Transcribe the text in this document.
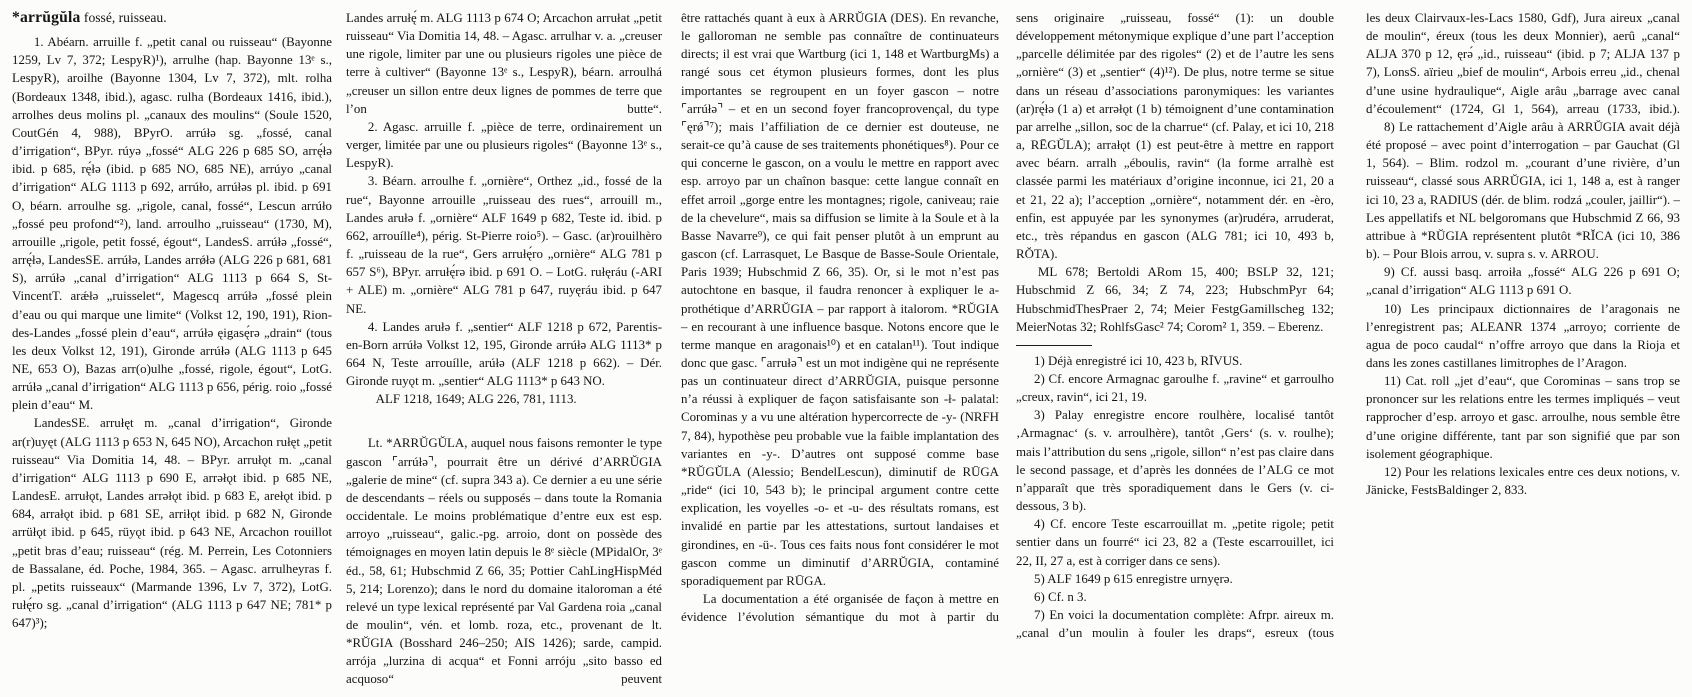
*arrŭgŭla fossé, ruisseau.

1. Abéarn. arruille f. „petit canal ou ruisseau“ (Bayonne 1259, Lv 7, 372; LespyR)¹), arrulhe (hap. Bayonne 13ᵉ s., LespyR), aroilhe (Bayonne 1304, Lv 7, 372), mlt. rolha (Bordeaux 1348, ibid.), agasc. rulha (Bordeaux 1416, ibid.), arrolhes deus molins pl. „canaux des moulins“ (Soule 1520, CoutGén 4, 988), BPyrO. arrúłə sg. „fossé, canal d’irrigation“, BPyr. rúyə „fossé“ ALG 226 p 685 SO, arrę́łə ibid. p 685, rę́łə (ibid. p 685 NO, 685 NE), arrúyo „canal d’irrigation“ ALG 1113 p 692, arrúło, arrúłəs pl. ibid. p 691 O, béarn. arroulhe sg. „rigole, canal, fossé“, Lescun arrúło „fossé peu profond“²), land. arroulho „ruisseau“ (1730, M), arrouille „rigole, petit fossé, égout“, LandesS. arrúłə „fossé“, arrę́łə, LandesSE. arrúłə, Landes arrǿłə (ALG 226 p 681, 681 S), arrúłə „canal d’irrigation“ ALG 1113 p 664 S, St-VincentT. arǽłə „ruisselet“, Magescq arrúłə „fossé plein d’eau ou qui marque une limite“ (Volkst 12, 190, 191), Rion-des-Landes „fossé plein d’eau“, arrúłə ęigasę́rə „drain“ (tous les deux Volkst 12, 191), Gironde arrúłə (ALG 1113 p 645 NE, 653 O), Bazas arr(o)ulhe „fossé, rigole, égout“, LotG. arrúłə „canal d’irrigation“ ALG 1113 p 656, périg. roio „fossé plein d’eau“ M.

LandesSE. arrułęt m. „canal d’irrigation“, Gironde ar(r)uyęt (ALG 1113 p 653 N, 645 NO), Arcachon rułęt „petit ruisseau“ Via Domitia 14, 48. – BPyr. arrułǫt m. „canal d’irrigation“ ALG 1113 p 690 E, arrəłǫt ibid. p 685 NE, LandesE. arrułǫt, Landes arrəłǫt ibid. p 683 E, arełǫt ibid. p 684, arrałǫt ibid. p 681 SE, arriłǫt ibid. p 682 N, Gironde arrüłǫt ibid. p 645, rüyǫt ibid. p 643 NE, Arcachon rouillot „petit bras d’eau; ruisseau“ (rég. M. Perrein, Les Cotonniers de Bassalane, éd. Poche, 1984, 365. – Agasc. arrulheyras f. pl. „petits ruisseaux“ (Marmande 1396, Lv 7, 372), LotG. rułę́ro sg. „canal d’irrigation“ (ALG 1113 p 647 NE; 781* p 647)³);

Landes arrułę́ m. ALG 1113 p 674 O; Arcachon arrułat „petit ruisseau“ Via Domitia 14, 48. – Agasc. arrulhar v. a. „creuser une rigole, limiter par une ou plusieurs rigoles une pièce de terre à cultiver“ (Bayonne 13ᵉ s., LespyR), béarn. arroulhá „creuser un sillon entre deux lignes de pommes de terre que l’on butte“.

2. Agasc. arruille f. „pièce de terre, ordinairement un verger, limitée par une ou plusieurs rigoles“ (Bayonne 13ᵉ s., LespyR).

3. Béarn. arroulhe f. „ornière“, Orthez „id., fossé de la rue“, Bayonne arrouille „ruisseau des rues“, arrouill m., Landes arułə f. „ornière“ ALF 1649 p 682, Teste id. ibid. p 662, arrouílle⁴), périg. St-Pierre roio⁵). – Gasc. (ar)rouilhèro f. „ruisseau de la rue“, Gers arrułę́ro „ornière“ ALG 781 p 657 S⁶), BPyr. arrułę́rə ibid. p 691 O. – LotG. rułęráu (-ARI + ALE) m. „ornière“ ALG 781 p 647, ruyęráu ibid. p 647 NE.

4. Landes arułə f. „sentier“ ALF 1218 p 672, Parentis-en-Born arrúłə Volkst 12, 195, Gironde arrúłə ALG 1113* p 664 N, Teste arrouílle, arúłə (ALF 1218 p 662). – Dér. Gironde ruyǫt m. „sentier“ ALG 1113* p 643 NO.

ALF 1218, 1649; ALG 226, 781, 1113.

Lt. *ARRŬGŬLA, auquel nous faisons remonter le type gascon ⌜arrúłə⌝, pourrait être un dérivé d’ARRŬGIA „galerie de mine“ (cf. supra 343 a). Ce dernier a eu une série de descendants – réels ou supposés – dans toute la Romania occidentale. Le moins problématique d’entre eux est esp. arroyo „ruisseau“, galic.-pg. arroio, dont on possède des témoignages en moyen latin depuis le 8ᵉ siècle (MPidalOr, 3ᵉ éd., 58, 61; Hubschmid Z 66, 35; Pottier CahLingHispMéd 5, 214; Lorenzo); dans le nord du domaine italoroman a été relevé un type lexical représenté par Val Gardena roia „canal de moulin“, vén. et lomb. roza, etc., provenant de lt. *RŬGIA (Bosshard 246–250; AIS 1426); sarde, campid. arrója „lurzina di acqua“ et Fonni arróju „sito basso ed acquoso“ peuvent

être rattachés quant à eux à ARRŬGIA (DES). En revanche, le galloroman ne semble pas connaître de continuateurs directs; il est vrai que Wartburg (ici 1, 148 et WartburgMs) a rangé sous cet étymon plusieurs formes, dont les plus importantes se regroupent en un foyer gascon – notre ⌜arrúłə⌝ – et en un second foyer francoprovençal, du type ⌜ęrǿ⌝⁷); mais l’affiliation de ce dernier est douteuse, ne serait-ce qu’à cause de ses traitements phonétiques⁸). Pour ce qui concerne le gascon, on a voulu le mettre en rapport avec esp. arroyo par un chaînon basque: cette langue connaît en effet arroil „gorge entre les montagnes; rigole, caniveau; raie de la chevelure“, mais sa diffusion se limite à la Soule et à la Basse Navarre⁹), ce qui fait penser plutôt à un emprunt au gascon (cf. Larrasquet, Le Basque de Basse-Soule Orientale, Paris 1939; Hubschmid Z 66, 35). Or, si le mot n’est pas autochtone en basque, il faudra renoncer à expliquer le a- prothétique d’ARRŬGIA – par rapport à italorom. *RŬGIA – en recourant à une influence basque. Notons encore que le terme manque en aragonais¹⁰) et en catalan¹¹). Tout indique donc que gasc. ⌜arrułə⌝ est un mot indigène qui ne représente pas un continuateur direct d’ARRŬGIA, puisque personne n’a réussi à expliquer de façon satisfaisante son -ł- palatal: Corominas y a vu une altération hypercorrecte de -y- (NRFH 7, 84), hypothèse peu probable vue la faible implantation des variantes en -y-. D’autres ont supposé comme base *RŬGŬLA (Alessio; BendelLescun), diminutif de RŪGA „ride“ (ici 10, 543 b); le principal argument contre cette explication, les voyelles -o- et -u- des résultats romans, est invalidé en partie par les attestations, surtout landaises et girondines, en -ü-. Tous ces faits nous font considérer le mot gascon comme un diminutif d’ARRŬGIA, contaminé sporadiquement par RŪGA.

La documentation a été organisée de façon à mettre en évidence l’évolution sémantique du mot à partir du

sens originaire „ruisseau, fossé“ (1): un double développement métonymique explique d’une part l’acception „parcelle délimitée par des rigoles“ (2) et de l’autre les sens „ornière“ (3) et „sentier“ (4)¹²). De plus, notre terme se situe dans un réseau d’associations paronymiques: les variantes (ar)rę́łə (1 a) et arrəłǫt (1 b) témoignent d’une contamination par arrelhe „sillon, soc de la charrue“ (cf. Palay, et ici 10, 218 a, RĒGŬLA); arrałǫt (1) est peut-être à mettre en rapport avec béarn. arralh „éboulis, ravin“ (la forme arralhè est classée parmi les matériaux d’origine inconnue, ici 21, 20 a et 21, 22 a); l’acception „ornière“, notamment dér. en -èro, enfin, est appuyée par les synonymes (ar)rudérə, arruderat, etc., très répandus en gascon (ALG 781; ici 10, 493 b, RŎTA).

ML 678; Bertoldi ARom 15, 400; BSLP 32, 121; Hubschmid Z 66, 34; Z 74, 223; HubschmPyr 64; HubschmidThesPraer 2, 74; Meier FestgGamillscheg 132; MeierNotas 32; RohlfsGasc² 74; Corom² 1, 359. – Eberenz.

1) Déjà enregistré ici 10, 423 b, RĪVUS.

2) Cf. encore Armagnac garoulhe f. „ravine“ et garroulho „creux, ravin“, ici 21, 19.

3) Palay enregistre encore roulhère, localisé tantôt ‚Armagnac‘ (s. v. arroulhère), tantôt ‚Gers‘ (s. v. roulhe); mais l’attribution du sens „rigole, sillon“ n’est pas claire dans le second passage, et d’après les données de l’ALG ce mot n’apparaît que très sporadiquement dans le Gers (v. ci-dessous, 3 b).

4) Cf. encore Teste escarrouillat m. „petite rigole; petit sentier dans un fourré“ ici 23, 82 a (Teste escarrouillet, ici 22, II, 27 a, est à corriger dans ce sens).

5) ALF 1649 p 615 enregistre urnyęrə.

6) Cf. n 3.

7) En voici la documentation complète: Afrpr. aireux m. „canal d’un moulin à fouler les draps“, esreux (tous

les deux Clairvaux-les-Lacs 1580, Gdf), Jura aireux „canal de moulin“, éreux (tous les deux Monnier), aerû „canal“ ALJA 370 p 12, ęrə́ „id., ruisseau“ (ibid. p 7; ALJA 137 p 7), LonsS. aïrieu „bief de moulin“, Arbois erreu „id., chenal d’une usine hydraulique“, Aigle arâu „barrage avec canal d’écoulement“ (1724, Gl 1, 564), arreau (1733, ibid.).

8) Le rattachement d’Aigle arâu à ARRŬGIA avait déjà été proposé – avec point d’interrogation – par Gauchat (Gl 1, 564). – Blim. rodzol m. „courant d’une rivière, d’un ruisseau“, classé sous ARRŬGIA, ici 1, 148 a, est à ranger ici 10, 23 a, RADIUS (dér. de blim. rodzá „couler, jaillir“). – Les appellatifs et NL belgoromans que Hubschmid Z 66, 93 attribue à *RŬGIA représentent plutôt *RĬCA (ici 10, 386 b). – Pour Blois arrou, v. supra s. v. ARROU.

9) Cf. aussi basq. arroiła „fossé“ ALG 226 p 691 O; „canal d’irrigation“ ALG 1113 p 691 O.

10) Les principaux dictionnaires de l’aragonais ne l’enregistrent pas; ALEANR 1374 „arroyo; corriente de agua de poco caudal“ n’offre arroyo que dans la Rioja et dans les zones castillanes limitrophes de l’Aragon.

11) Cat. roll „jet d’eau“, que Corominas – sans trop se prononcer sur les relations entre les termes impliqués – veut rapprocher d’esp. arroyo et gasc. arroulhe, nous semble être d’une origine différente, tant par son signifié que par son isolement géographique.

12) Pour les relations lexicales entre ces deux notions, v. Jänicke, FestsBaldinger 2, 833.
